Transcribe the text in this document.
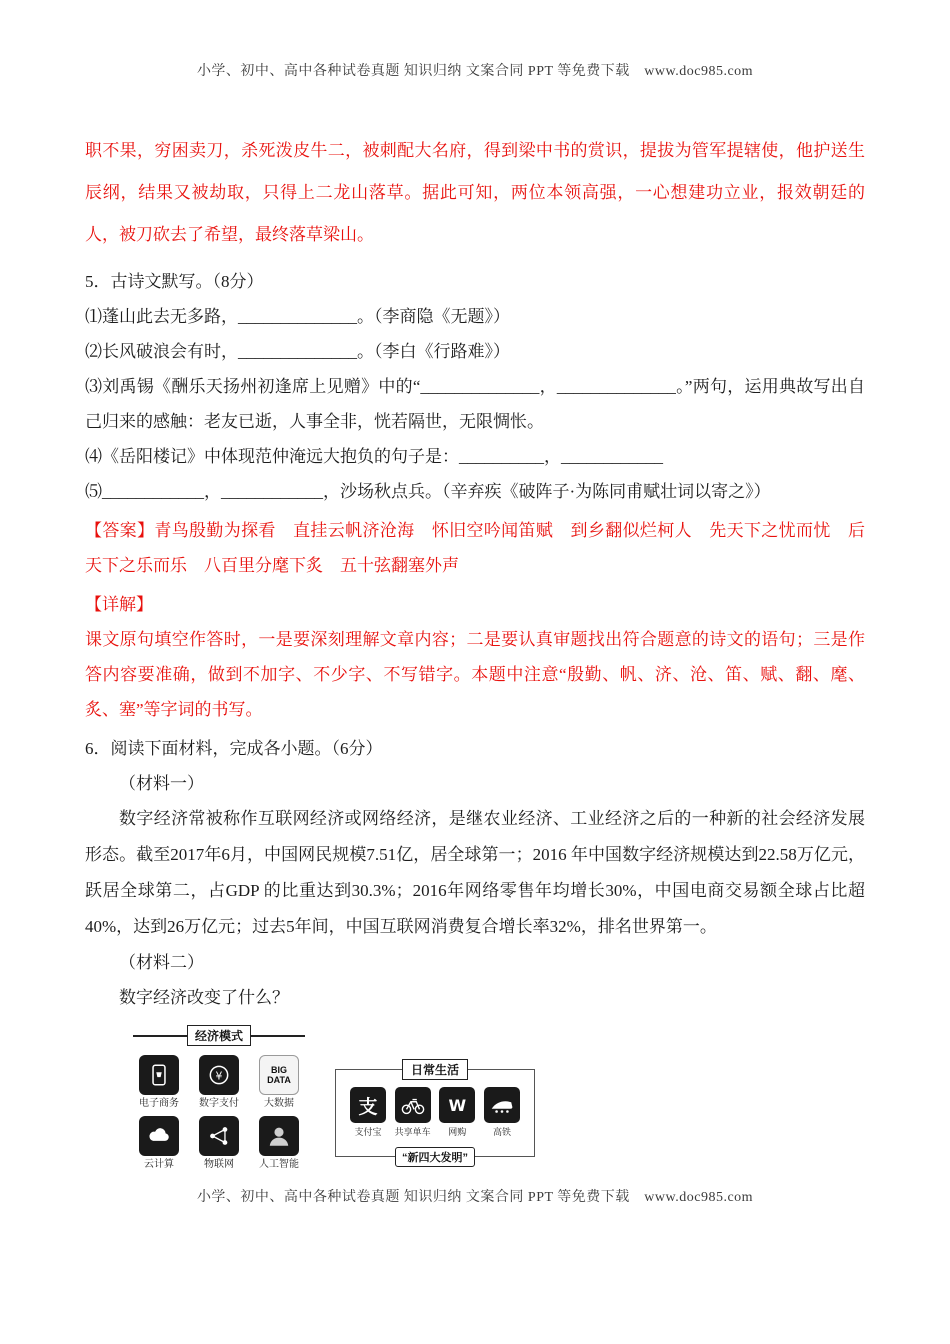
小学、初中、高中各种试卷真题 知识归纳 文案合同 PPT 等免费下载　www.doc985.com

职不果，穷困卖刀，杀死泼皮牛二，被刺配大名府，得到梁中书的赏识，提拔为管军提辖使，他护送生辰纲，结果又被劫取，只得上二龙山落草。据此可知，两位本领高强，一心想建功立业，报效朝廷的人，被刀砍去了希望，最终落草梁山。

5．古诗文默写。（8分）

⑴蓬山此去无多路，______________。（李商隐《无题》）

⑵长风破浪会有时，______________。（李白《行路难》）

⑶刘禹锡《酬乐天扬州初逢席上见赠》中的“______________，______________。”两句，运用典故写出自己归来的感触：老友已逝，人事全非，恍若隔世，无限惆怅。

⑷《岳阳楼记》中体现范仲淹远大抱负的句子是：__________，____________

⑸____________，____________，沙场秋点兵。（辛弃疾《破阵子·为陈同甫赋壮词以寄之》）

【答案】青鸟殷勤为探看　直挂云帆济沧海　怀旧空吟闻笛赋　到乡翻似烂柯人　先天下之忧而忧　后天下之乐而乐　八百里分麾下炙　五十弦翻塞外声

【详解】

课文原句填空作答时，一是要深刻理解文章内容；二是要认真审题找出符合题意的诗文的语句；三是作答内容要准确，做到不加字、不少字、不写错字。本题中注意“殷勤、帆、济、沧、笛、赋、翻、麾、炙、塞”等字词的书写。

6．阅读下面材料，完成各小题。（6分）

（材料一）

数字经济常被称作互联网经济或网络经济，是继农业经济、工业经济之后的一种新的社会经济发展形态。截至2017年6月，中国网民规模7.51亿，居全球第一；2016 年中国数字经济规模达到22.58万亿元，跃居全球第二，占GDP 的比重达到30.3%；2016年网络零售年均增长30%，中国电商交易额全球占比超40%，达到26万亿元；过去5年间，中国互联网消费复合增长率32%，排名世界第一。

（材料二）

数字经济改变了什么？

经济模式
电子商务
¥
数字支付
BIG DATA
大数据
云计算	物联网	人工智能
日常生活
支
支付宝	共享单车
W
网购	高铁
“新四大发明”
小学、初中、高中各种试卷真题 知识归纳 文案合同 PPT 等免费下载　www.doc985.com
